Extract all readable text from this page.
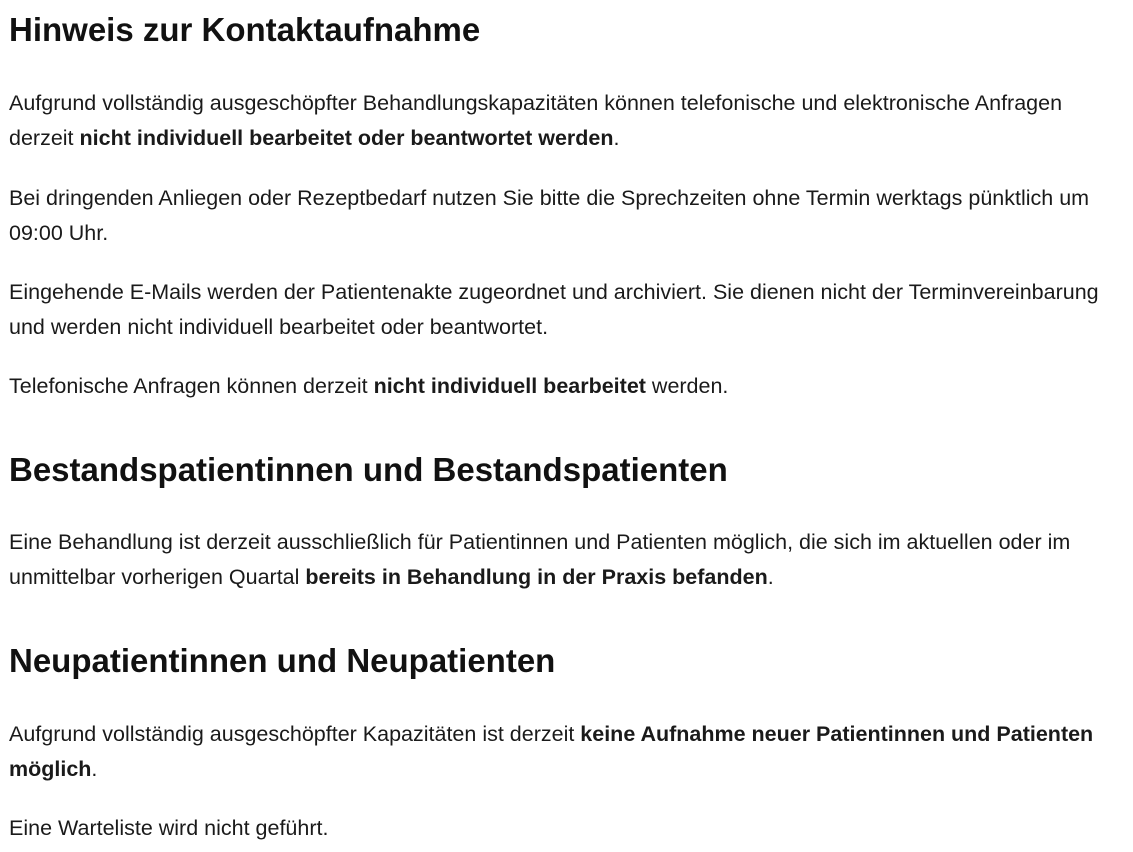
Hinweis zur Kontaktaufnahme

Aufgrund vollständig ausgeschöpfter Behandlungskapazitäten können telefonische und elektronische Anfragen derzeit nicht individuell bearbeitet oder beantwortet werden.

Bei dringenden Anliegen oder Rezeptbedarf nutzen Sie bitte die Sprechzeiten ohne Termin werktags pünktlich um 09:00 Uhr.

Eingehende E-Mails werden der Patientenakte zugeordnet und archiviert. Sie dienen nicht der Terminvereinbarung und werden nicht individuell bearbeitet oder beantwortet.

Telefonische Anfragen können derzeit nicht individuell bearbeitet werden.

Bestandspatientinnen und Bestandspatienten

Eine Behandlung ist derzeit ausschließlich für Patientinnen und Patienten möglich, die sich im aktuellen oder im unmittelbar vorherigen Quartal bereits in Behandlung in der Praxis befanden.

Neupatientinnen und Neupatienten

Aufgrund vollständig ausgeschöpfter Kapazitäten ist derzeit keine Aufnahme neuer Patientinnen und Patienten möglich.

Eine Warteliste wird nicht geführt.
